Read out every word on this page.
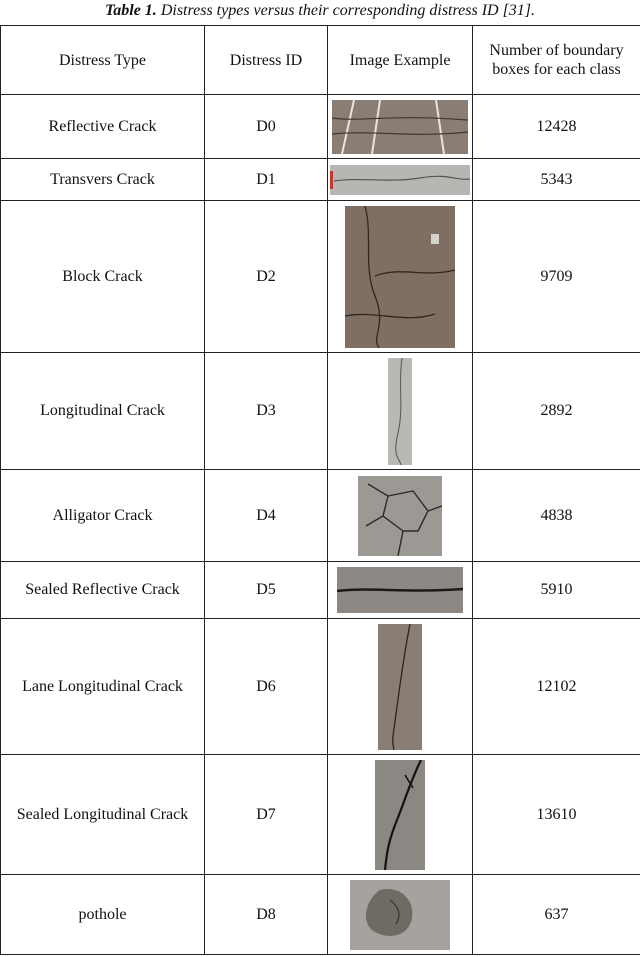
Table 1. Distress types versus their corresponding distress ID [31].
Distress Type	Distress ID	Image Example	Number of boundary boxes for each class
Reflective Crack	D0		12428
Transvers Crack	D1		5343
Block Crack	D2		9709
Longitudinal Crack	D3		2892
Alligator Crack	D4		4838
Sealed Reflective Crack	D5		5910
Lane Longitudinal Crack	D6		12102
Sealed Longitudinal Crack	D7		13610
pothole	D8		637
